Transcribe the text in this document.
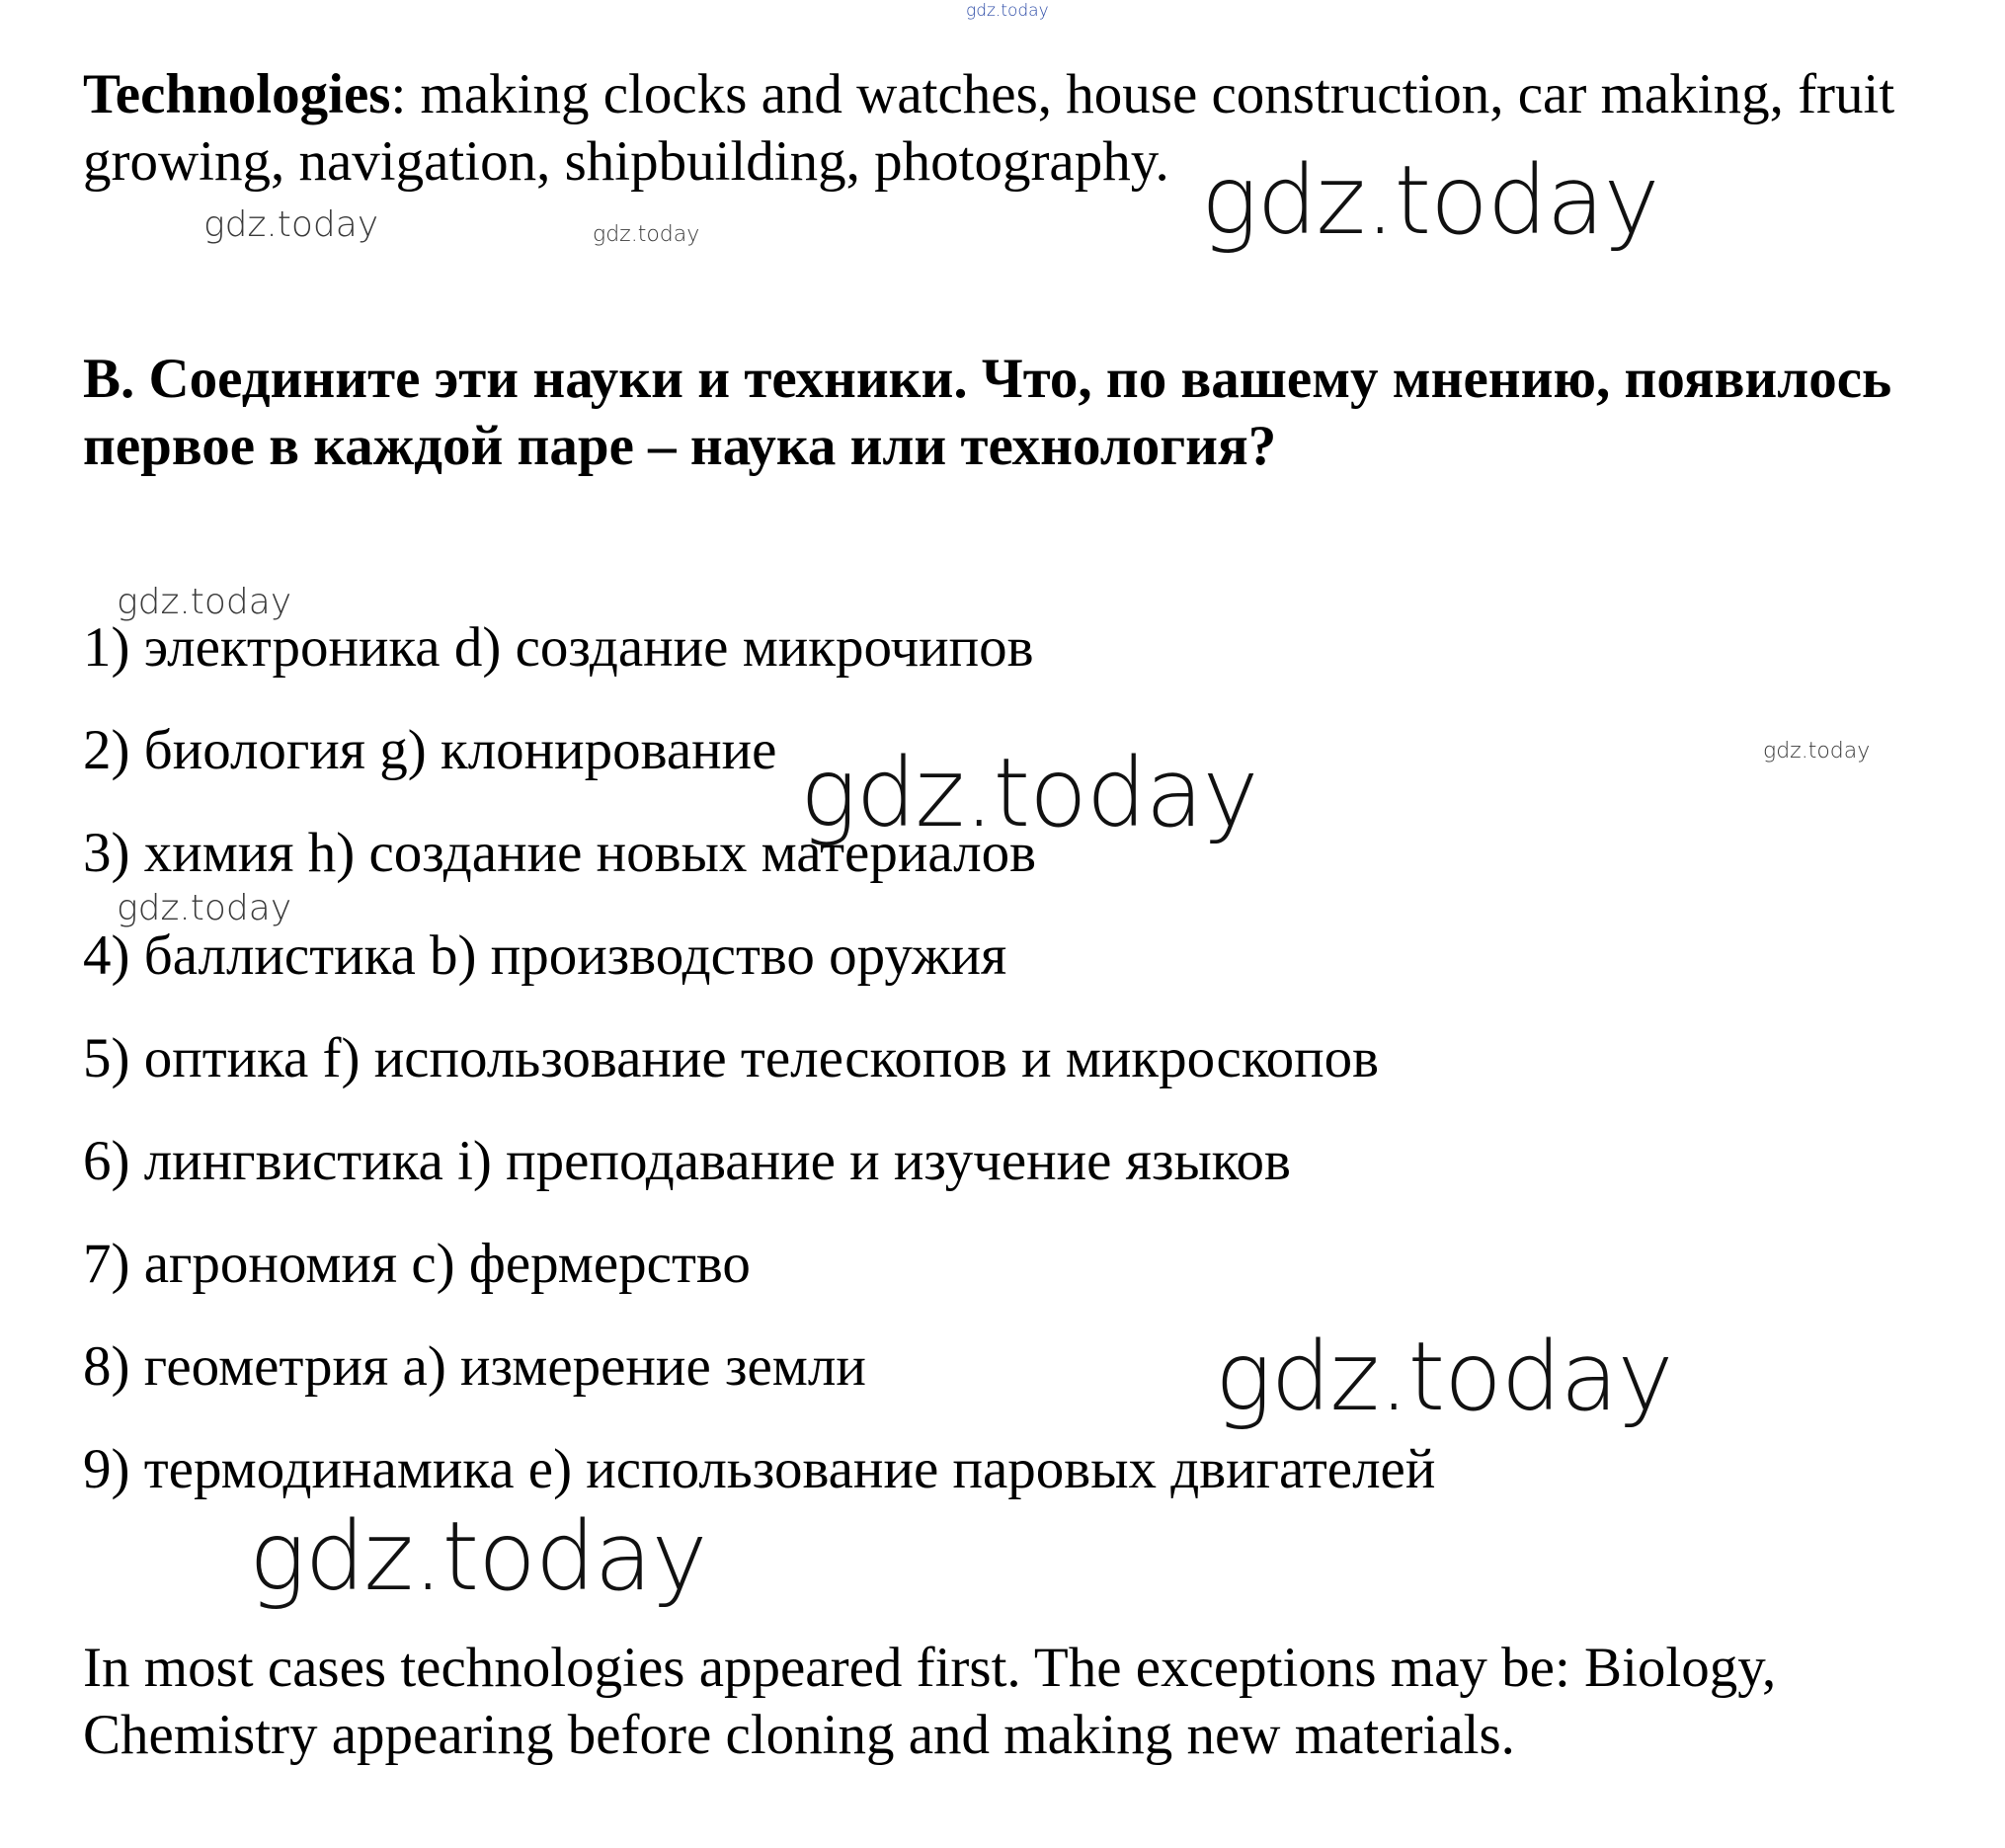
gdz.today
gdz.today	gdz.today	gdz.today
gdz.today
gdz.today	gdz.today
gdz.today
gdz.today
gdz.today

Technologies: making clocks and watches, house construction, car making, fruit growing, navigation, shipbuilding, photography.

B. Соедините эти науки и техники. Что, по вашему мнению, появилось первое в каждой паре – наука или технология?

1) электроника d) создание микрочипов
2) биология g) клонирование
3) химия h) создание новых материалов
4) баллистика b) производство оружия
5) оптика f) использование телескопов и микроскопов
6) лингвистика i) преподавание и изучение языков
7) агрономия c) фермерство
8) геометрия a) измерение земли
9) термодинамика e) использование паровых двигателей

In most cases technologies appeared first. The exceptions may be: Biology, Chemistry appearing before cloning and making new materials.
